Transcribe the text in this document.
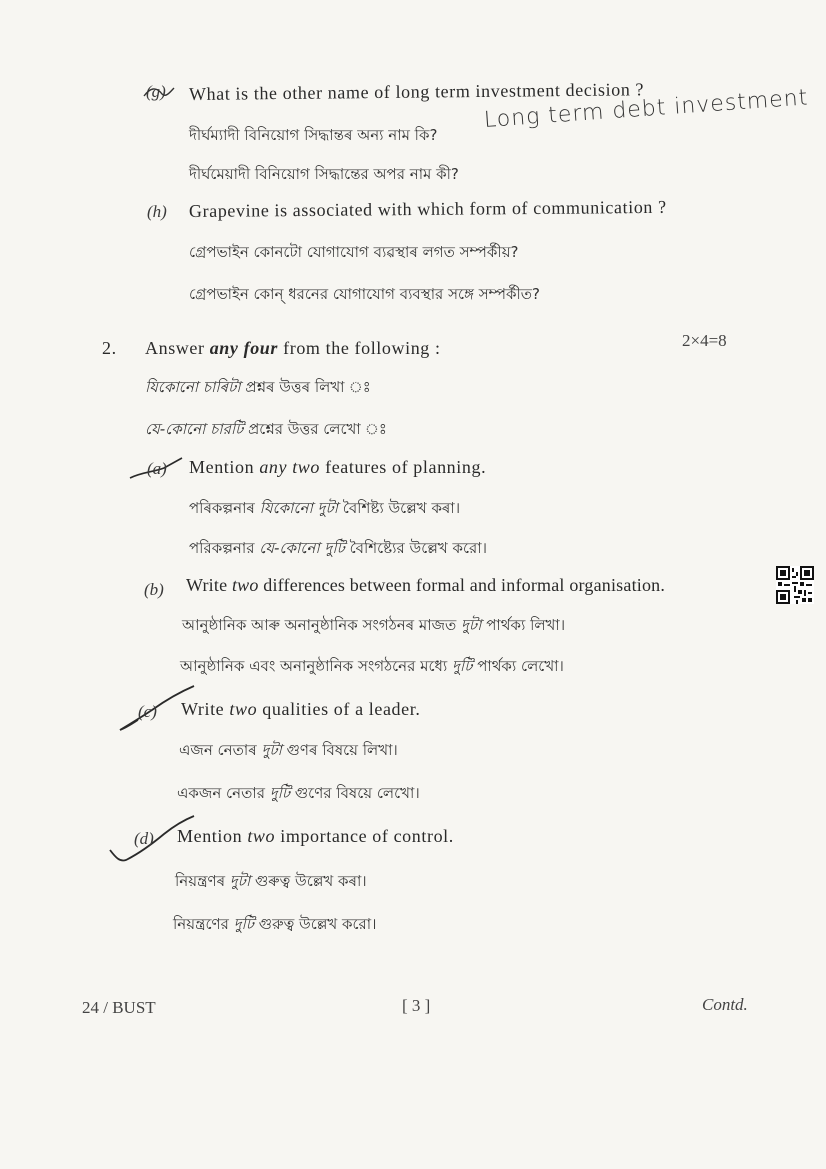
(g) What is the other name of long term investment decision ?
দীৰ্ঘম্যাদী বিনিয়োগ সিদ্ধান্তৰ অন্য নাম কি?
Long term debt investment
দীর্ঘমেয়াদী বিনিয়োগ সিদ্ধান্তের অপর নাম কী?
(h) Grapevine is associated with which form of communication ?
গ্ৰেপভাইন কোনটো যোগাযোগ ব্যৱস্থাৰ লগত সম্পৰ্কীয়?
গ্রেপভাইন কোন্ ধরনের যোগাযোগ ব্যবস্থার সঙ্গে সম্পর্কীত?
2. Answer any four from the following :	2×4=8
যিকোনো চাৰিটা প্ৰশ্নৰ উত্তৰ লিখা ঃ
যে-কোনো চারটি প্রশ্নের উত্তর লেখো ঃ
(a) Mention any two features of planning.
পৰিকল্পনাৰ যিকোনো দুটা বৈশিষ্ট্য উল্লেখ কৰা।
পরিকল্পনার যে-কোনো দুটি বৈশিষ্ট্যের উল্লেখ করো।
(b) Write two differences between formal and informal organisation.
আনুষ্ঠানিক আৰু অনানুষ্ঠানিক সংগঠনৰ মাজত দুটা পাৰ্থক্য লিখা।
আনুষ্ঠানিক এবং অনানুষ্ঠানিক সংগঠনের মধ্যে দুটি পার্থক্য লেখো।
(c) Write two qualities of a leader.
এজন নেতাৰ দুটা গুণৰ বিষয়ে লিখা।
একজন নেতার দুটি গুণের বিষয়ে লেখো।
(d) Mention two importance of control.
নিয়ন্ত্ৰণৰ দুটা গুৰুত্ব উল্লেখ কৰা।
নিয়ন্ত্রণের দুটি গুরুত্ব উল্লেখ করো।
24 / BUST	[ 3 ]	Contd.
